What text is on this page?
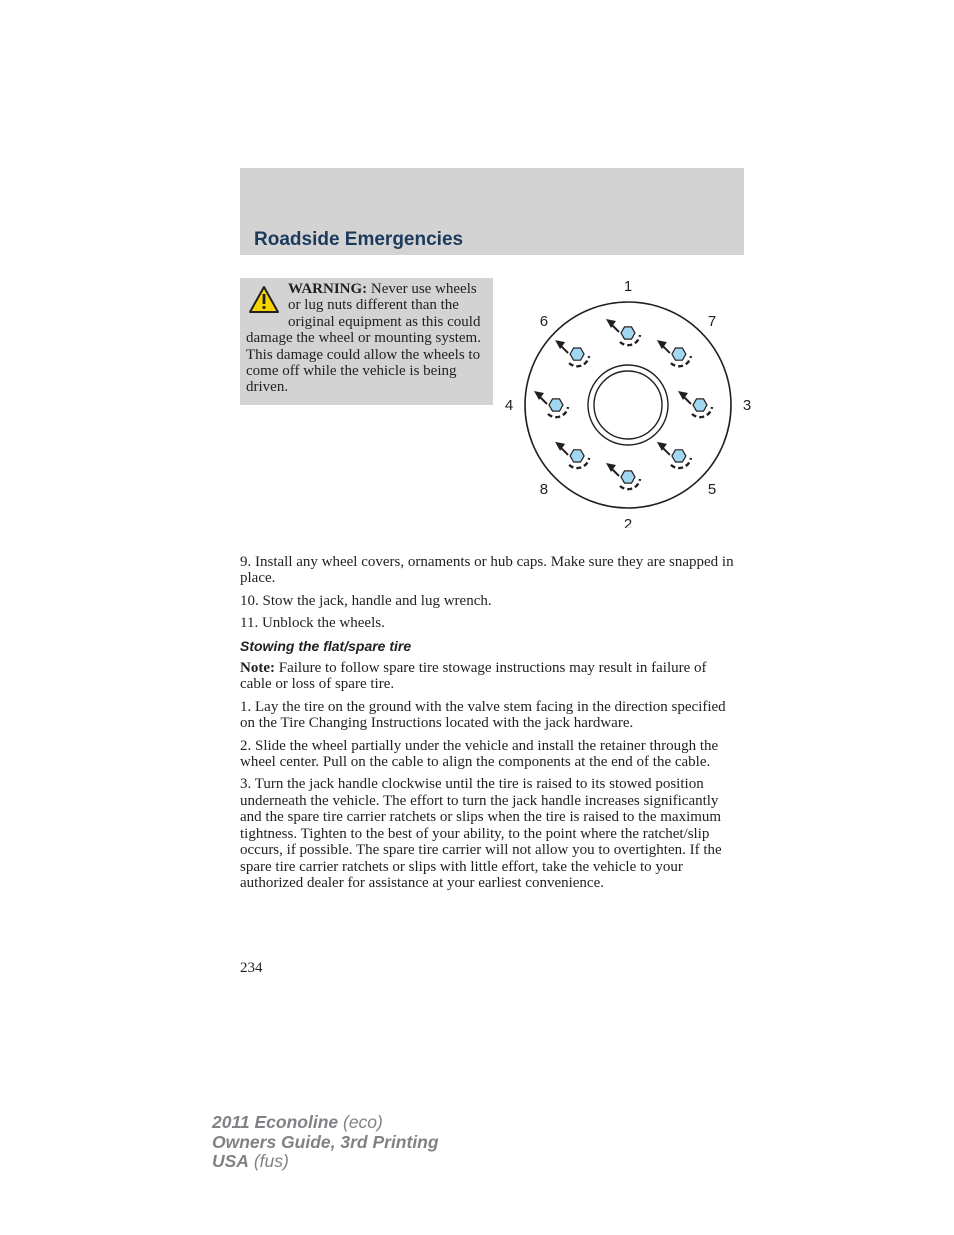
Roadside Emergencies
WARNING: Never use wheels or lug nuts different than the original equipment as this could damage the wheel or mounting system. This damage could allow the wheels to come off while the vehicle is being driven.
1
2
3
4
5
6	7
8

9. Install any wheel covers, ornaments or hub caps. Make sure they are snapped in place.

10. Stow the jack, handle and lug wrench.

11. Unblock the wheels.

Stowing the flat/spare tire

Note: Failure to follow spare tire stowage instructions may result in failure of cable or loss of spare tire.

1. Lay the tire on the ground with the valve stem facing in the direction specified on the Tire Changing Instructions located with the jack hardware.

2. Slide the wheel partially under the vehicle and install the retainer through the wheel center. Pull on the cable to align the components at the end of the cable.

3. Turn the jack handle clockwise until the tire is raised to its stowed position underneath the vehicle. The effort to turn the jack handle increases significantly and the spare tire carrier ratchets or slips when the tire is raised to the maximum tightness. Tighten to the best of your ability, to the point where the ratchet/slip occurs, if possible. The spare tire carrier will not allow you to overtighten. If the spare tire carrier ratchets or slips with little effort, take the vehicle to your authorized dealer for assistance at your earliest convenience.

234
2011 Econoline (eco)
Owners Guide, 3rd Printing
USA (fus)
